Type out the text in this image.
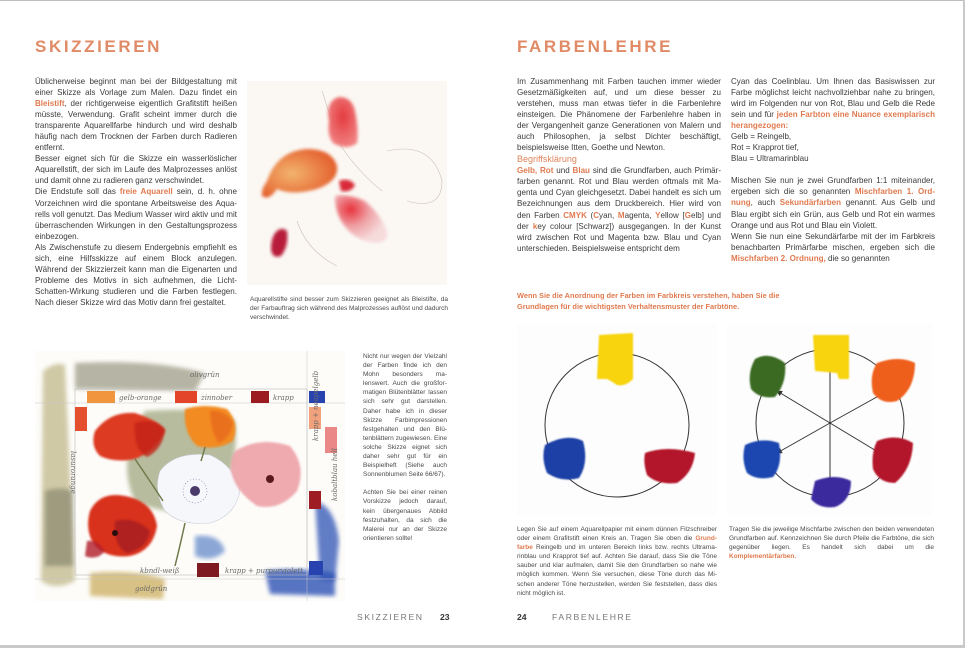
SKIZZIEREN

Üblicherweise beginnt man bei der Bildgestaltung mit einer Skizze als Vorlage zum Malen. Dazu findet ein Bleistift, der richtigerweise eigentlich Grafitstift heißen müsste, Verwendung. Grafit scheint immer durch die transparente Aquarellfarbe hindurch und wird deshalb häufig nach dem Trocknen der Farben durch Radieren entfernt.

Besser eignet sich für die Skizze ein wasserlöslicher Aquarellstift, der sich im Laufe des Malprozesses anlöst und damit ohne zu radieren ganz verschwindet.

Die Endstufe soll das freie Aquarell sein, d. h. ohne Vorzeichnen wird die spontane Arbeitsweise des Aquarells voll genutzt. Das Medium Wasser wird aktiv und mit überraschenden Wirkungen in den Gestaltungsprozess einbezogen.

Als Zwischenstufe zu diesem Endergebnis empfiehlt es sich, eine Hilfsskizze auf einem Block anzulegen. Während der Skizzierzeit kann man die Eigenarten und Probleme des Motivs in sich aufnehmen, die Licht-Schatten-Wirkung studieren und die Farben festlegen. Nach dieser Skizze wird das Motiv dann frei gestaltet.	Aquarellstifte sind besser zum Skizzieren geeignet als Bleistifte, da der Farbauftrag sich während des Malprozesses auflöst und dadurch verschwindet.
olivgrün
gelb-orange	zinnober	krapp
lasurorange
krapp + neapelgelb
kobaltblau hell
kbndl-weiß	krapp + purpurviolett
goldgrün

Nicht nur wegen der Vielzahl der Farben finde ich den Mohn besonders malenswert. Auch die großformatigen Blütenblätter lassen sich sehr gut darstellen. Daher habe ich in dieser Skizze Farbimpressionen festgehalten und den Blütenblättern zugewiesen. Eine solche Skizze eignet sich daher sehr gut für ein Beispielheft (Siehe auch Sonnenblumen Seite 66/67).

Achten Sie bei einer reinen Vorskizze jedoch darauf, kein übergenaues Abbild festzuhalten, da sich die Malerei nur an der Skizze orientieren sollte!

SKIZZIEREN 23
FARBENLEHRE

Im Zusammenhang mit Farben tauchen immer wieder Gesetzmäßigkeiten auf, und um diese besser zu verstehen, muss man etwas tiefer in die Farbenlehre einsteigen. Die Phänomene der Farbenlehre haben in der Vergangenheit ganze Generationen von Malern und auch Philosophen, ja selbst Dichter beschäftigt, beispielsweise Itten, Goethe und Newton.

Begriffsklärung

Gelb, Rot und Blau sind die Grundfarben, auch Primärfarben genannt. Rot und Blau werden oftmals mit Magenta und Cyan gleichgesetzt. Dabei handelt es sich um Bezeichnungen aus dem Druckbereich. Hier wird von den Farben CMYK (Cyan, Magenta, Yellow [Gelb] und der key colour [Schwarz]) ausgegangen. In der Kunst wird zwischen Rot und Magenta bzw. Blau und Cyan unterschieden. Beispielsweise entspricht dem

Cyan das Coelinblau. Um Ihnen das Basiswissen zur Farbe möglichst leicht nachvollziehbar nahe zu bringen, wird im Folgenden nur von Rot, Blau und Gelb die Rede sein und für jeden Farbton eine Nuance exemplarisch herangezogen:

Gelb = Reingelb,

Rot = Krapprot tief,

Blau = Ultramarinblau

Mischen Sie nun je zwei Grundfarben 1:1 miteinander, ergeben sich die so genannten Mischfarben 1. Ordnung, auch Sekundärfarben genannt. Aus Gelb und Blau ergibt sich ein Grün, aus Gelb und Rot ein warmes Orange und aus Rot und Blau ein Violett.

Wenn Sie nun eine Sekundärfarbe mit der im Farbkreis benachbarten Primärfarbe mischen, ergeben sich die Mischfarben 2. Ordnung, die so genannten

Wenn Sie die Anordnung der Farben im Farbkreis verstehen, haben Sie die Grundlagen für die wichtigsten Verhaltensmuster der Farbtöne.
Legen Sie auf einem Aquarellpapier mit einem dünnen Filzschreiber oder einem Grafitstift einen Kreis an. Tragen Sie oben die Grundfarbe Reingelb und im unteren Bereich links bzw. rechts Ultramarinblau und Krapprot tief auf. Achten Sie darauf, dass Sie die Töne sauber und klar aufmalen, damit Sie den Grundfarben so nahe wie möglich kommen. Wenn Sie versuchen, diese Töne durch das Mischen anderer Töne herzustellen, werden Sie feststellen, dass dies nicht möglich ist.
Tragen Sie die jeweilige Mischfarbe zwischen den beiden verwendeten Grundfarben auf. Kennzeichnen Sie durch Pfeile die Farbtöne, die sich gegenüber liegen. Es handelt sich dabei um die Komplementärfarben.
24	FARBENLEHRE
